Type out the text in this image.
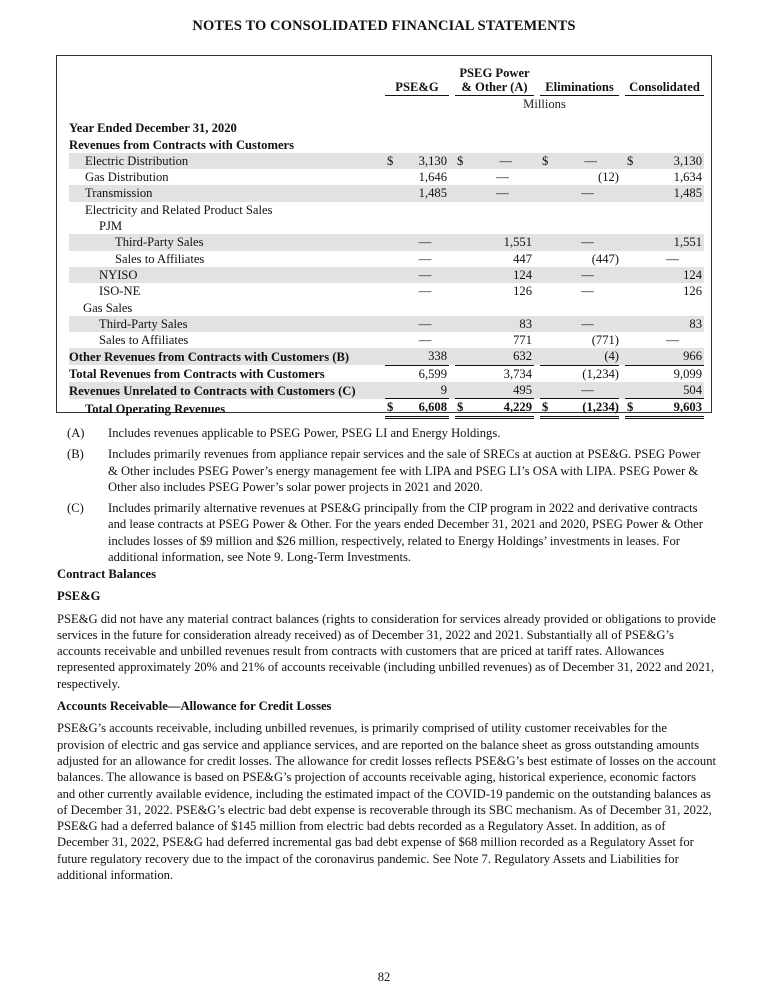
NOTES TO CONSOLIDATED FINANCIAL STATEMENTS
		PSE&G		PSEG Power
& Other (A)		Eliminations		Consolidated
		Millions						

Year Ended December 31, 2020								
Revenues from Contracts with Customers								
Electric Distribution		$ 3,130		$ —		$ —		$ 3,130

Gas Distribution		1,646		—		(12)		1,634

Transmission		1,485		—		—		1,485

Electricity and Related Product Sales		

PJM		

Third-Party Sales		—		1,551		—		1,551

Sales to Affiliates		—		447		(447)		—

NYISO		—		124		—		124

ISO-NE		—		126		—		126

Gas Sales		

Third-Party Sales		—		83		—		83

Sales to Affiliates		—		771		(771)		—

Other Revenues from Contracts with Customers (B)		338		632		(4)		966

Total Revenues from Contracts with Customers		6,599		3,734		(1,234)		9,099

Revenues Unrelated to Contracts with Customers (C)		9		495		—		504

Total Operating Revenues		$ 6,608		$ 4,229		$ (1,234)		$ 9,603
(A)	Includes revenues applicable to PSEG Power, PSEG LI and Energy Holdings.
(B)	Includes primarily revenues from appliance repair services and the sale of SRECs at auction at PSE&G. PSEG Power & Other includes PSEG Power’s energy management fee with LIPA and PSEG LI’s OSA with LIPA. PSEG Power & Other also includes PSEG Power’s solar power projects in 2021 and 2020.
(C)	Includes primarily alternative revenues at PSE&G principally from the CIP program in 2022 and derivative contracts and lease contracts at PSEG Power & Other. For the years ended December 31, 2021 and 2020, PSEG Power & Other includes losses of $9 million and $26 million, respectively, related to Energy Holdings’ investments in leases. For additional information, see Note 9. Long-Term Investments.
Contract Balances
PSE&G

PSE&G did not have any material contract balances (rights to consideration for services already provided or obligations to provide services in the future for consideration already received) as of December 31, 2022 and 2021. Substantially all of PSE&G’s accounts receivable and unbilled revenues result from contracts with customers that are priced at tariff rates. Allowances represented approximately 20% and 21% of accounts receivable (including unbilled revenues) as of December 31, 2022 and 2021, respectively.

Accounts Receivable—Allowance for Credit Losses

PSE&G’s accounts receivable, including unbilled revenues, is primarily comprised of utility customer receivables for the provision of electric and gas service and appliance services, and are reported on the balance sheet as gross outstanding amounts adjusted for an allowance for credit losses. The allowance for credit losses reflects PSE&G’s best estimate of losses on the account balances. The allowance is based on PSE&G’s projection of accounts receivable aging, historical experience, economic factors and other currently available evidence, including the estimated impact of the COVID-19 pandemic on the outstanding balances as of December 31, 2022. PSE&G’s electric bad debt expense is recoverable through its SBC mechanism. As of December 31, 2022, PSE&G had a deferred balance of $145 million from electric bad debts recorded as a Regulatory Asset. In addition, as of December 31, 2022, PSE&G had deferred incremental gas bad debt expense of $68 million recorded as a Regulatory Asset for future regulatory recovery due to the impact of the coronavirus pandemic. See Note 7. Regulatory Assets and Liabilities for additional information.

82
